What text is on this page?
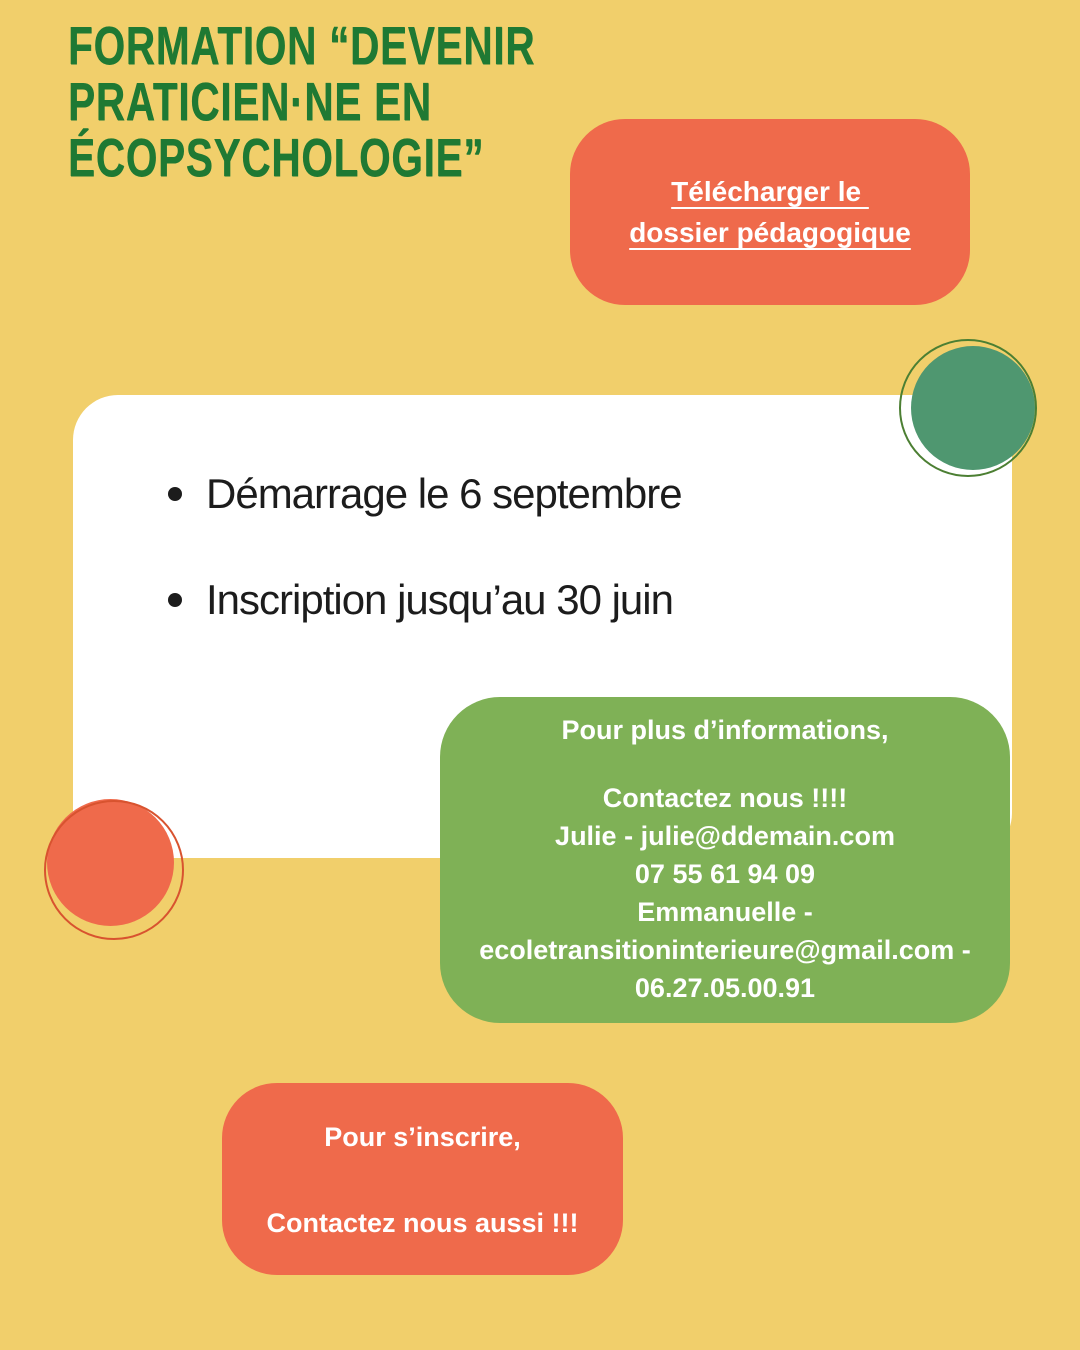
FORMATION “DEVENIR
PRATICIEN·NE EN
ÉCOPSYCHOLOGIE”
Télécharger le
dossier pédagogique
Démarrage le 6 septembre
Inscription jusqu’au 30 juin
Pour plus d’informations,
Contactez nous !!!!
Julie - julie@ddemain.com
07 55 61 94 09
Emmanuelle -
ecoletransitioninterieure@gmail.com -
06.27.05.00.91
Pour s’inscrire,
Contactez nous aussi !!!
